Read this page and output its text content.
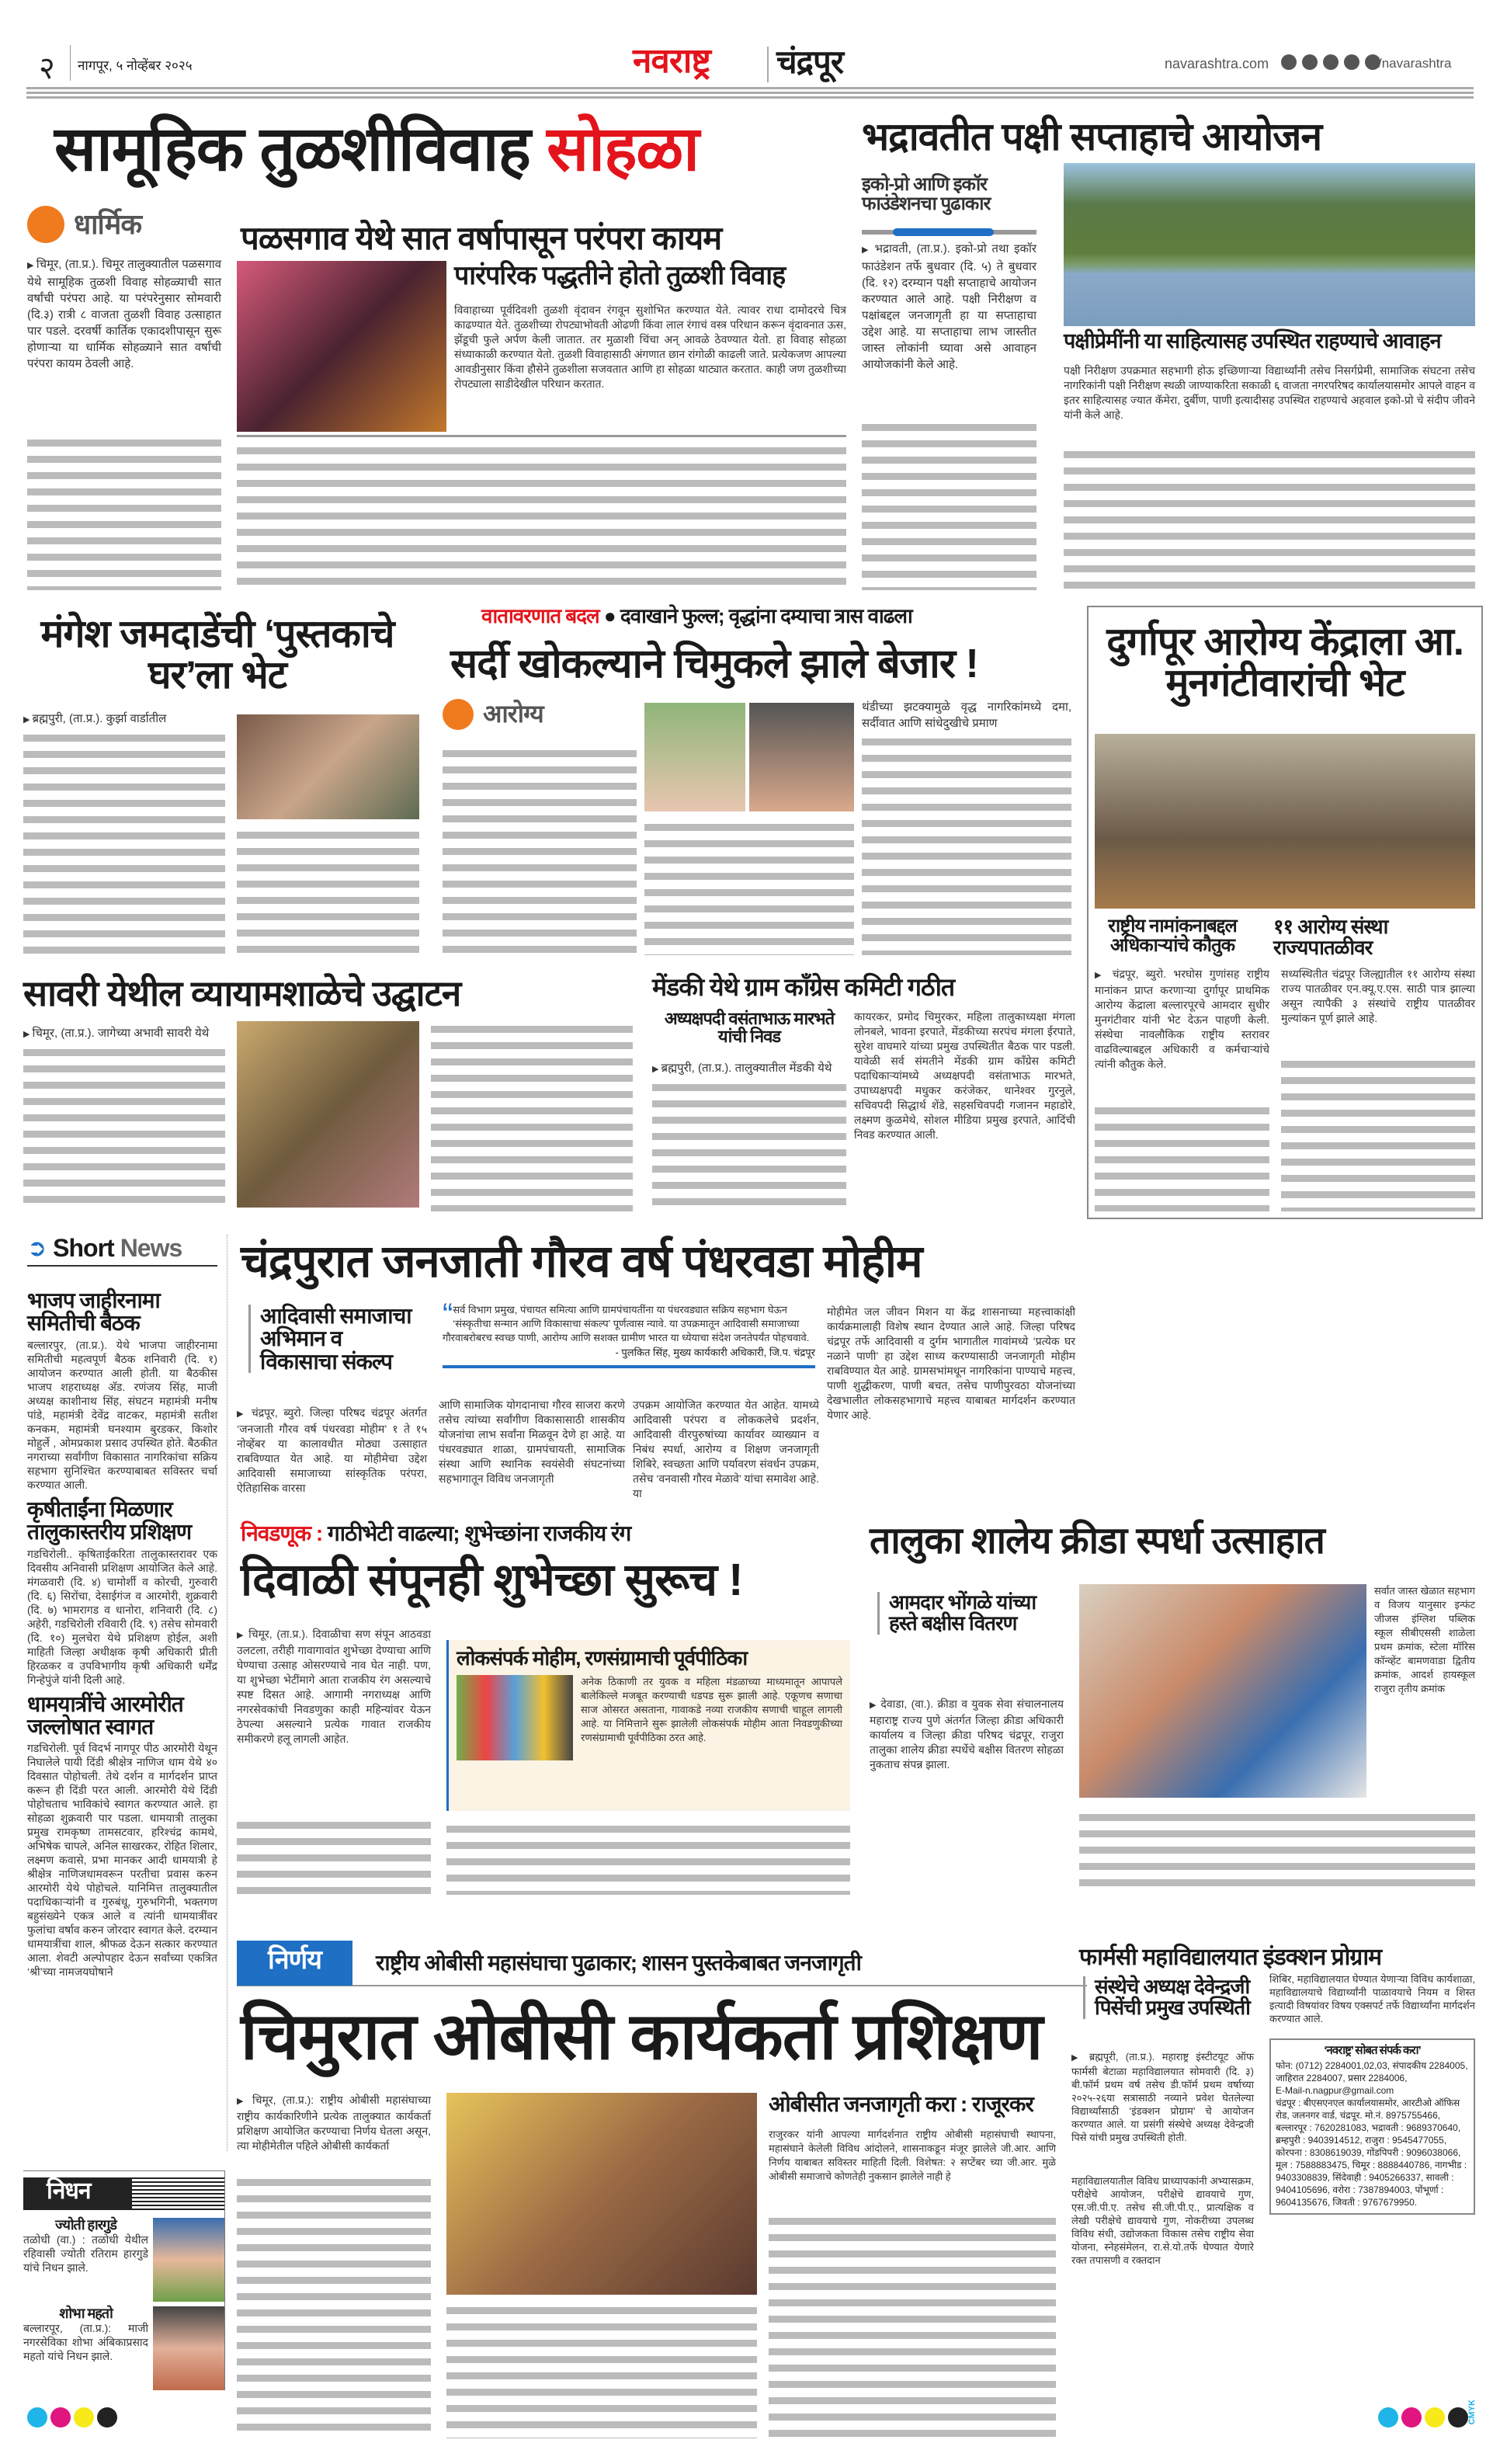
२ नागपूर, ५ नोव्हेंबर २०२५	नवराष्ट्र चंद्रपूर	navarashtra.com	/navarashtra
सामूहिक तुळशीविवाह सोहळा
धार्मिक
▶ चिमूर, (ता.प्र.). चिमूर तालुक्यातील पळसगाव येथे सामूहिक तुळशी विवाह सोहळ्याची सात वर्षांची परंपरा आहे. या परंपरेनुसार सोमवारी (दि.३) रात्री ८ वाजता तुळशी विवाह उत्साहात पार पडले. दरवर्षी कार्तिक एकादशीपासून सुरू होणाऱ्या या धार्मिक सोहळ्याने सात वर्षांची परंपरा कायम ठेवली आहे.
पळसगाव येथे सात वर्षापासून परंपरा कायम
पारंपरिक पद्धतीने होतो तुळशी विवाह
विवाहाच्या पूर्वदिवशी तुळशी वृंदावन रंगवून सुशोभित करण्यात येते. त्यावर राधा दामोदरचे चित्र काढण्यात येते. तुळशीच्या रोपट्याभोवती ओढणी किंवा लाल रंगाचं वस्त्र परिधान करून वृंदावनात ऊस, झेंडूची फुले अर्पण केली जातात. तर मुळाशी चिंचा अन् आवळे ठेवण्यात येतो. हा विवाह सोहळा संध्याकाळी करण्यात येतो. तुळशी विवाहासाठी अंगणात छान रांगोळी काढली जाते. प्रत्येकजण आपल्या आवडीनुसार किंवा हौसेने तुळशीला सजवतात आणि हा सोहळा थाट्यात करतात. काही जण तुळशीच्या रोपट्याला साडीदेखील परिधान करतात.
भद्रावतीत पक्षी सप्ताहाचे आयोजन
इको-प्रो आणि इकॉर फाउंडेशनचा पुढाकार
▶ भद्रावती, (ता.प्र.). इको-प्रो तथा इकॉर फाउंडेशन तर्फे बुधवार (दि. ५) ते बुधवार (दि. १२) दरम्यान पक्षी सप्ताहाचे आयोजन करण्यात आले आहे. पक्षी निरीक्षण व पक्षांबद्दल जनजागृती हा या सप्ताहाचा उद्देश आहे. या सप्ताहाचा लाभ जास्तीत जास्त लोकांनी घ्यावा असे आवाहन आयोजकांनी केले आहे.
पक्षीप्रेमींनी या साहित्यासह उपस्थित राहण्याचे आवाहन
पक्षी निरीक्षण उपक्रमात सहभागी होऊ इच्छिणाऱ्या विद्यार्थ्यांनी तसेच निसर्गप्रेमी, सामाजिक संघटना तसेच नागरिकांनी पक्षी निरीक्षण स्थळी जाण्याकरिता सकाळी ६ वाजता नगरपरिषद कार्यालयासमोर आपले वाहन व इतर साहित्यासह ज्यात कॅमेरा, दुर्बीण, पाणी इत्यादीसह उपस्थित राहण्याचे अहवाल इको-प्रो चे संदीप जीवने यांनी केले आहे.
मंगेश जमदाडेंची ‘पुस्तकाचे घर’ला भेट
▶ ब्रह्मपुरी, (ता.प्र.). कुर्झा वार्डातील
वातावरणात बदल ● दवाखाने फुल्ल; वृद्धांना दम्याचा त्रास वाढला
सर्दी खोकल्याने चिमुकले झाले बेजार !
आरोग्य	थंडीच्या झटक्यामुळे वृद्ध नागरिकांमध्ये दमा, सर्दीवात आणि सांधेदुखीचे प्रमाण
दुर्गापूर आरोग्य केंद्राला आ. मुनगंटीवारांची भेट
राष्ट्रीय नामांकनाबद्दल अधिकाऱ्यांचे कौतुक
११ आरोग्य संस्था राज्यपातळीवर
▶ चंद्रपूर, ब्युरो. भरघोस गुणांसह राष्ट्रीय मानांकन प्राप्त करणाऱ्या दुर्गापूर प्राथमिक आरोग्य केंद्राला बल्लारपूरचे आमदार सुधीर मुनगंटीवार यांनी भेट देऊन पाहणी केली. संस्थेचा नावलौकिक राष्ट्रीय स्तरावर वाढविल्याबद्दल अधिकारी व कर्मचाऱ्यांचे त्यांनी कौतुक केले.
सध्यस्थितीत चंद्रपूर जिल्ह्यातील ११ आरोग्य संस्था राज्य पातळीवर एन.क्यू.ए.एस. साठी पात्र झाल्या असून त्यापैकी ३ संस्थांचे राष्ट्रीय पातळीवर मुल्यांकन पूर्ण झाले आहे.
सावरी येथील व्यायामशाळेचे उद्घाटन
▶ चिमूर, (ता.प्र.). जागेच्या अभावी सावरी येथे
मेंडकी येथे ग्राम काँग्रेस कमिटी गठीत
अध्यक्षपदी वसंताभाऊ मारभते यांची निवड
▶ ब्रह्मपुरी, (ता.प्र.). तालुक्यातील मेंडकी येथे
कायरकर, प्रमोद चिमुरकर, महिला तालुकाध्यक्षा मंगला लोनबले, भावना इरपाते, मेंडकीच्या सरपंच मंगला ईरपाते, सुरेश वाघमारे यांच्या प्रमुख उपस्थितीत बैठक पार पडली. यावेळी सर्व संमतीने मेंडकी ग्राम काँग्रेस कमिटी पदाधिकाऱ्यांमध्ये अध्यक्षपदी वसंताभाऊ मारभते, उपाध्यक्षपदी मधुकर करंजेकर, थानेश्वर गुरनुले, सचिवपदी सिद्धार्थ शेंडे, सहसचिवपदी गजानन महाडोरे, लक्ष्मण कुळमेथे, सोशल मीडिया प्रमुख इरपाते, आदिंची निवड करण्यात आली.
➲ Short News
भाजप जाहीरनामा समितीची बैठक
बल्लारपुर, (ता.प्र.). येथे भाजपा जाहीरनामा समितीची महत्वपूर्ण बैठक शनिवारी (दि. १) आयोजन करण्यात आली होती. या बैठकीस भाजप शहराध्यक्ष अ‍ॅड. रणंजय सिंह, माजी अध्यक्ष काशीनाथ सिंह, संघटन महामंत्री मनीष पांडे, महामंत्री देवेंद्र वाटकर, महामंत्री सतीश कनकम, महामंत्री घनश्याम बुरडकर, किशोर मोहुर्ले , ओमप्रकाश प्रसाद उपस्थित होते. बैठकीत नगराच्या सर्वांगीण विकासात नागरिकांचा सक्रिय सहभाग सुनिश्चित करण्याबाबत सविस्तर चर्चा करण्यात आली.
कृषीताईंना मिळणार तालुकास्तरीय प्रशिक्षण
गडचिरोली.. कृषिताईकरिता तालुकास्तरावर एक दिवसीय अनिवासी प्रशिक्षण आयोजित केले आहे. मंगळवारी (दि. ४) चामोर्शी व कोरची, गुरुवारी (दि. ६) सिरोंचा, देसाईगंज व आरमोरी, शुक्रवारी (दि. ७) भामरागड व धानोरा, शनिवारी (दि. ८) अहेरी, गडचिरोली रविवारी (दि. ९) तसेच सोमवारी (दि. १०) मुलचेरा येथे प्रशिक्षण होईल, अशी माहिती जिल्हा अधीक्षक कृषी अधिकारी प्रीती हिरळकर व उपविभागीय कृषी अधिकारी धर्मेंद्र गिन्हेपुंजे यांनी दिली आहे.
धामयात्रींचे आरमोरीत जल्लोषात स्वागत
गडचिरोली. पूर्व विदर्भ नागपूर पीठ आरमोरी येथून निघालेले पायी दिंडी श्रीक्षेत्र नाणिज धाम येथे ४० दिवसात पोहोचली. तेथे दर्शन व मार्गदर्शन प्राप्त करून ही दिंडी परत आली. आरमोरी येथे दिंडी पोहोचताच भाविकांचे स्वागत करण्यात आले. हा सोहळा शुक्रवारी पार पडला. धामयात्री तालुका प्रमुख रामकृष्ण तामसटवार, हरिश्चंद्र कामथे, अभिषेक चापले, अनिल साखरकर, रोहित शिलार, लक्ष्मण कवासे, प्रभा मानकर आदी धामयात्री हे श्रीक्षेत्र नाणिजधामवरून परतीचा प्रवास करुन आरमोरी येथे पोहोचले. यानिमित्त तालुक्यातील पदाधिकाऱ्यांनी व गुरुबंधू, गुरुभगिनी, भक्तगण बहुसंख्येने एकत्र आले व त्यांनी धामयात्रींवर फुलांचा वर्षाव करुन जोरदार स्वागत केले. दरम्यान धामयात्रींचा शाल, श्रीफळ देऊन सत्कार करण्यात आला. शेवटी अल्पोपहार देऊन सर्वांच्या एकत्रित ‘श्री’च्या नामजयघोषाने
चंद्रपुरात जनजाती गौरव वर्ष पंधरवडा मोहीम
आदिवासी समाजाचा अभिमान व विकासाचा संकल्प
“ सर्व विभाग प्रमुख, पंचायत समित्या आणि ग्रामपंचायतींना या पंधरवड्यात सक्रिय सहभाग घेऊन ‘संस्कृतीचा सन्मान आणि विकासाचा संकल्प’ पूर्णत्वास न्यावे. या उपक्रमातून आदिवासी समाजाच्या गौरवाबरोबरच स्वच्छ पाणी, आरोग्य आणि सशक्त ग्रामीण भारत या ध्येयाचा संदेश जनतेपर्यंत पोहचवावे.
- पुलकित सिंह, मुख्य कार्यकारी अधिकारी, जि.प. चंद्रपूर
▶ चंद्रपूर, ब्युरो. जिल्हा परिषद चंद्रपूर अंतर्गत ‘जनजाती गौरव वर्ष पंधरवडा मोहीम’ १ ते १५ नोव्हेंबर या कालावधीत मोठ्या उत्साहात राबविण्यात येत आहे. या मोहीमेचा उद्देश आदिवासी समाजाच्या सांस्कृतिक परंपरा, ऐतिहासिक वारसा
आणि सामाजिक योगदानाचा गौरव साजरा करणे तसेच त्यांच्या सर्वांगीण विकासासाठी शासकीय योजनांचा लाभ सर्वांना मिळवून देणे हा आहे. या पंधरवड्यात शाळा, ग्रामपंचायती, सामाजिक संस्था आणि स्थानिक स्वयंसेवी संघटनांच्या सहभागातून विविध जनजागृती
उपक्रम आयोजित करण्यात येत आहेत. यामध्ये आदिवासी परंपरा व लोककलेचे प्रदर्शन, आदिवासी वीरपुरुषांच्या कार्यावर व्याख्यान व निबंध स्पर्धा, आरोग्य व शिक्षण जनजागृती शिबिरे, स्वच्छता आणि पर्यावरण संवर्धन उपक्रम, तसेच ‘वनवासी गौरव मेळावे’ यांचा समावेश आहे. या
मोहीमेत जल जीवन मिशन या केंद्र शासनाच्या महत्त्वाकांक्षी कार्यक्रमालाही विशेष स्थान देण्यात आले आहे. जिल्हा परिषद चंद्रपूर तर्फे आदिवासी व दुर्गम भागातील गावांमध्ये ‘प्रत्येक घर नळाने पाणी’ हा उद्देश साध्य करण्यासाठी जनजागृती मोहीम राबविण्यात येत आहे. ग्रामसभांमधून नागरिकांना पाण्याचे महत्त्व, पाणी शुद्धीकरण, पाणी बचत, तसेच पाणीपुरवठा योजनांच्या देखभालीत लोकसहभागाचे महत्त्व याबाबत मार्गदर्शन करण्यात येणार आहे.
निवडणूक : गाठीभेटी वाढल्या; शुभेच्छांना राजकीय रंग
दिवाळी संपूनही शुभेच्छा सुरूच !
▶ चिमूर, (ता.प्र.). दिवाळीचा सण संपून आठवडा उलटला, तरीही गावागावांत शुभेच्छा देण्याचा आणि घेण्याचा उत्साह ओसरण्याचे नाव घेत नाही. पण, या शुभेच्छा भेटींमागे आता राजकीय रंग असल्याचे स्पष्ट दिसत आहे. आगामी नगराध्यक्ष आणि नगरसेवकांची निवडणुका काही महिन्यांवर येऊन ठेपल्या असल्याने प्रत्येक गावात राजकीय समीकरणे हलू लागली आहेत.
लोकसंपर्क मोहीम, रणसंग्रामाची पूर्वपीठिका
अनेक ठिकाणी तर युवक व महिला मंडळाच्या माध्यमातून आपापले बालेकिल्ले मजबूत करण्याची धडपड सुरू झाली आहे. एकूणच सणाचा साज ओसरत असताना, गावाकडे नव्या राजकीय सणाची चाहूल लागली आहे. या निमित्ताने सुरू झालेली लोकसंपर्क मोहीम आता निवडणुकीच्या रणसंग्रामाची पूर्वपीठिका ठरत आहे.
तालुका शालेय क्रीडा स्पर्धा उत्साहात
आमदार भोंगळे यांच्या हस्ते बक्षीस वितरण
▶ देवाडा, (वा.). क्रीडा व युवक सेवा संचालनालय महाराष्ट्र राज्य पुणे अंतर्गत जिल्हा क्रीडा अधिकारी कार्यालय व जिल्हा क्रीडा परिषद चंद्रपूर, राजुरा तालुका शालेय क्रीडा स्पर्धेचे बक्षीस वितरण सोहळा नुकताच संपन्न झाला.
सर्वात जास्त खेळात सहभाग व विजय यानुसार इन्फंट जीजस इंग्लिश पब्लिक स्कूल सीबीएससी शाळेला प्रथम क्रमांक, स्टेला मॉरिस कॉन्व्हेंट बामणवाडा द्वितीय क्रमांक, आदर्श हायस्कूल राजुरा तृतीय क्रमांक
निर्णय	राष्ट्रीय ओबीसी महासंघाचा पुढाकार; शासन पुस्तकेबाबत जनजागृती
चिमुरात ओबीसी कार्यकर्ता प्रशिक्षण
▶ चिमूर, (ता.प्र.): राष्ट्रीय ओबीसी महासंघाच्या राष्ट्रीय कार्यकारिणीने प्रत्येक तालुक्यात कार्यकर्ता प्रशिक्षण आयोजित करण्याचा निर्णय घेतला असून, त्या मोहीमेतील पहिले ओबीसी कार्यकर्ता
ओबीसीत जनजागृती करा : राजूरकर
राजुरकर यांनी आपल्या मार्गदर्शनात राष्ट्रीय ओबीसी महासंघाची स्थापना, महासंघाने केलेली विविध आंदोलने, शासनाकडून मंजूर झालेले जी.आर. आणि निर्णय याबाबत सविस्तर माहिती दिली. विशेषत: २ सप्टेंबर च्या जी.आर. मुळे ओबीसी समाजाचे कोणतेही नुकसान झालेले नाही हे
फार्मसी महाविद्यालयात इंडक्शन प्रोग्राम
संस्थेचे अध्यक्ष देवेन्द्रजी पिसेंची प्रमुख उपस्थिती
▶ ब्रह्मपूरी, (ता.प्र.). महाराष्ट्र इंस्टीटयूट ऑफ फार्मसी बेटाळा महाविद्यालयात सोमवारी (दि. ३) बी.फॉर्म प्रथम वर्ष तसेच डी.फॉर्म प्रथम वर्षाच्या २०२५-२६या सत्रासाठी नव्याने प्रवेश घेतलेल्या विद्यार्थ्यांसाठी ‘इंडक्शन प्रोग्राम’ चे आयोजन करण्यात आले. या प्रसंगी संस्थेचे अध्यक्ष देवेन्द्रजी पिसे यांची प्रमुख उपस्थिती होती.
महाविद्यालयातील विविध प्राध्यापकांनी अभ्यासक्रम, परीक्षेचे आयोजन, परीक्षेचे द्यावयाचे गुण, एस.जी.पी.ए. तसेच सी.जी.पी.ए., प्रात्यक्षिक व लेखी परीक्षेचे द्यावयाचे गुण, नोकरीच्या उपलब्ध विविध संधी, उद्योजकता विकास तसेच राष्ट्रीय सेवा योजना, स्नेहसंमेलन, रा.से.यो.तर्फे घेण्यात येणारे रक्त तपासणी व रक्तदान
शिबिर, महाविद्यालयात घेण्यात येणाऱ्या विविध कार्यशाळा, महाविद्यालयाचे विद्यार्थ्यांनी पाळावयाचे नियम व शिस्त इत्यादी विषयांवर विषय एक्सपर्ट तर्फे विद्यार्थ्यांना मार्गदर्शन करण्यात आले.
‘नवराष्ट्र’ सोबत संपर्क करा’
फोन: (0712) 2284001,02,03, संपादकीय 2284005, जाहिरात 2284007, प्रसार 2284006,
E-Mail-n.nagpur@gmail.com
चंद्रपूर : बीएसएनएल कार्यालयासमोर, आरटीओ ऑफिस रोड, जलनगर वार्ड, चंद्रपूर. मो.नं. 8975755466,
बल्लारपूर : 7620281083, भद्रावती : 9689370640, ब्रम्हपुरी : 9403914512, राजुरा : 9545477055, कोरपना : 8308619039, गोंडपिपरी : 9096038066, मूल : 7588883475, चिमूर : 8888440786, नागभीड : 9403308839, सिंदेवाही : 9405266337, सावली : 9404105696, वरोरा : 7387894003, पोंभूर्णा : 9604135676, जिवती : 9767679950.
निधन
ज्योती हारगुडे
तळोधी (वा.) : तळोधी येथील रहिवासी ज्योती रतिराम हारगुडे यांचे निधन झाले.
शोभा महतो
बल्लारपूर, (ता.प्र.): माजी नगरसेविका शोभा अंबिकाप्रसाद महतो यांचे निधन झाले.
CMYK
